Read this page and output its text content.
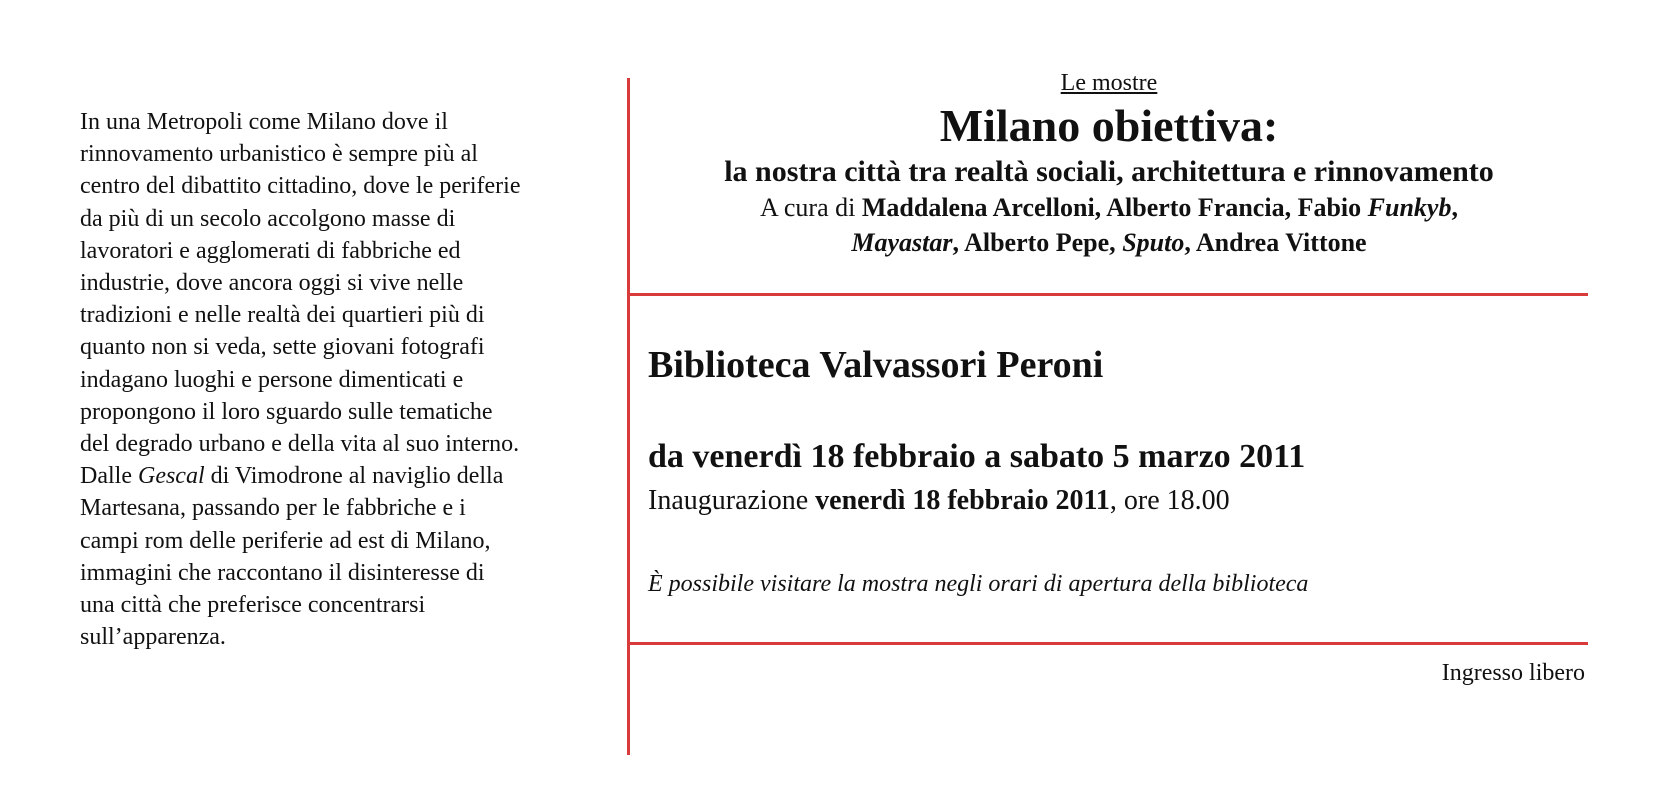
In una Metropoli come Milano dove il
rinnovamento urbanistico è sempre più al
centro del dibattito cittadino, dove le periferie
da più di un secolo accolgono masse di
lavoratori e agglomerati di fabbriche ed
industrie, dove ancora oggi si vive nelle
tradizioni e nelle realtà dei quartieri più di
quanto non si veda, sette giovani fotografi
indagano luoghi e persone dimenticati e
propongono il loro sguardo sulle tematiche
del degrado urbano e della vita al suo interno.
Dalle Gescal di Vimodrone al naviglio della
Martesana, passando per le fabbriche e i
campi rom delle periferie ad est di Milano,
immagini che raccontano il disinteresse di
una città che preferisce concentrarsi
sull’apparenza.
Le mostre
Milano obiettiva:
la nostra città tra realtà sociali, architettura e rinnovamento
A cura di Maddalena Arcelloni, Alberto Francia, Fabio Funkyb,
Mayastar, Alberto Pepe, Sputo, Andrea Vittone
Biblioteca Valvassori Peroni
da venerdì 18 febbraio a sabato 5 marzo 2011
Inaugurazione venerdì 18 febbraio 2011, ore 18.00
È possibile visitare la mostra negli orari di apertura della biblioteca
Ingresso libero
